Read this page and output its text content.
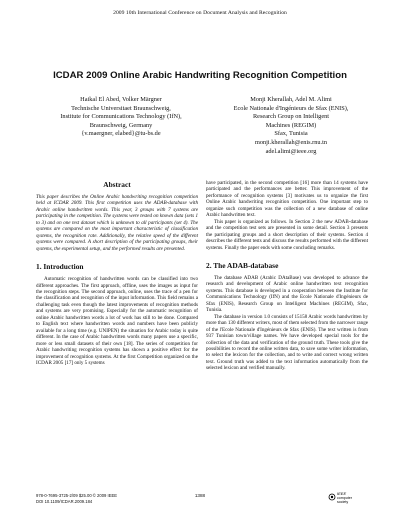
2009 10th International Conference on Document Analysis and Recognition
ICDAR 2009 Online Arabic Handwriting Recognition Competition
Haikal El Abed, Volker Märgner
Technische Universitaet Braunschweig,
Institute for Communications Technology (IfN),
Braunschweig, Germany
{v.maergner, elabed}@tu-bs.de
Monji Kherallah, Adel M. Alimi
Ecole Nationale d'Ingénieurs de Sfax (ENIS),
Research Group on Intelligent
Machines (REGIM)
Sfax, Tunisia
monji.kherallah@enis.rnu.tn
adel.alimi@ieee.org
Abstract

This paper describes the Online Arabic handwriting recognition competition held at ICDAR 2009. This first competition uses the ADAB-database with Arabic online handwritten words. This year, 3 groups with 7 systems are participating in the competition. The systems were tested on known data (sets 1 to 3) and on one test dataset which is unknown to all participants (set 4). The systems are compared on the most important characteristic of classification systems, the recognition rate. Additionally, the relative speed of the different systems were compared. A short description of the participating groups, their systems, the experimental setup, and the performed results are presented.

1. Introduction

Automatic recognition of handwritten words can be classified into two different approaches. The first approach, offline, uses the images as input for the recognition steps. The second approach, online, uses the trace of a pen for the classification and recognition of the input information. This field remains a challenging task even though the latest improvements of recognition methods and systems are very promising. Especially for the automatic recognition of online Arabic handwritten words a lot of work has still to be done. Compared to English text where handwritten words and numbers have been publicly available for a long time (e.g. UNIPEN) the situation for Arabic today is quite different. In the case of Arabic handwritten words many papers use a specific, more or less small datasets of their own [18]. The series of competition for Arabic handwriting recognition systems has shown a positive effect for the improvement of recognition systems. At the first Competition organized on the ICDAR 2005 [17] only 5 systems

have participated, in the second competition [16] more than 14 systems have participated and the performances are better. This improvement of the performance of recognition systems [3] motivates us to organize the first Online Arabic handwriting recognition competition. One important step to organize such competition was the collection of a new database of online Arabic handwritten text.

This paper is organized as follows. In Section 2 the new ADAB-database and the competition test sets are presented in some detail. Section 3 presents the participating groups and a short description of their systems. Section 4 describes the different tests and discuss the results performed with the different systems. Finally the paper ends with some concluding remarks.

2. The ADAB-database

The database ADAB (Arabic DAtaBase) was developed to advance the research and development of Arabic online handwritten text recognition systems. This database is developed in a cooperation between the Institute for Communications Technology (IfN) and the Ecole Nationale d'Ingénieurs de Sfax (ENIS), Research Group on Intelligent Machines (REGIM), Sfax, Tunisia.

The database in version 1.0 consists of 15158 Arabic words handwritten by more than 130 different writers, most of them selected from the narrower range of the l'Ecole Nationale d'Ingénieurs de Sfax (ENIS). The text written is from 937 Tunisian town/village names. We have developed special tools for the collection of the data and verification of the ground truth. These tools give the possibilities to record the online written data, to save some writer information, to select the lexicon for the collection, and to write and correct wrong written text. Ground truth was added to the text information automatically from the selected lexicon and verified manually.

978-0-7695-3725-2/09 $25.00 © 2009 IEEE
DOI 10.1109/ICDAR.2009.184
1388	IEEE
computer
society
